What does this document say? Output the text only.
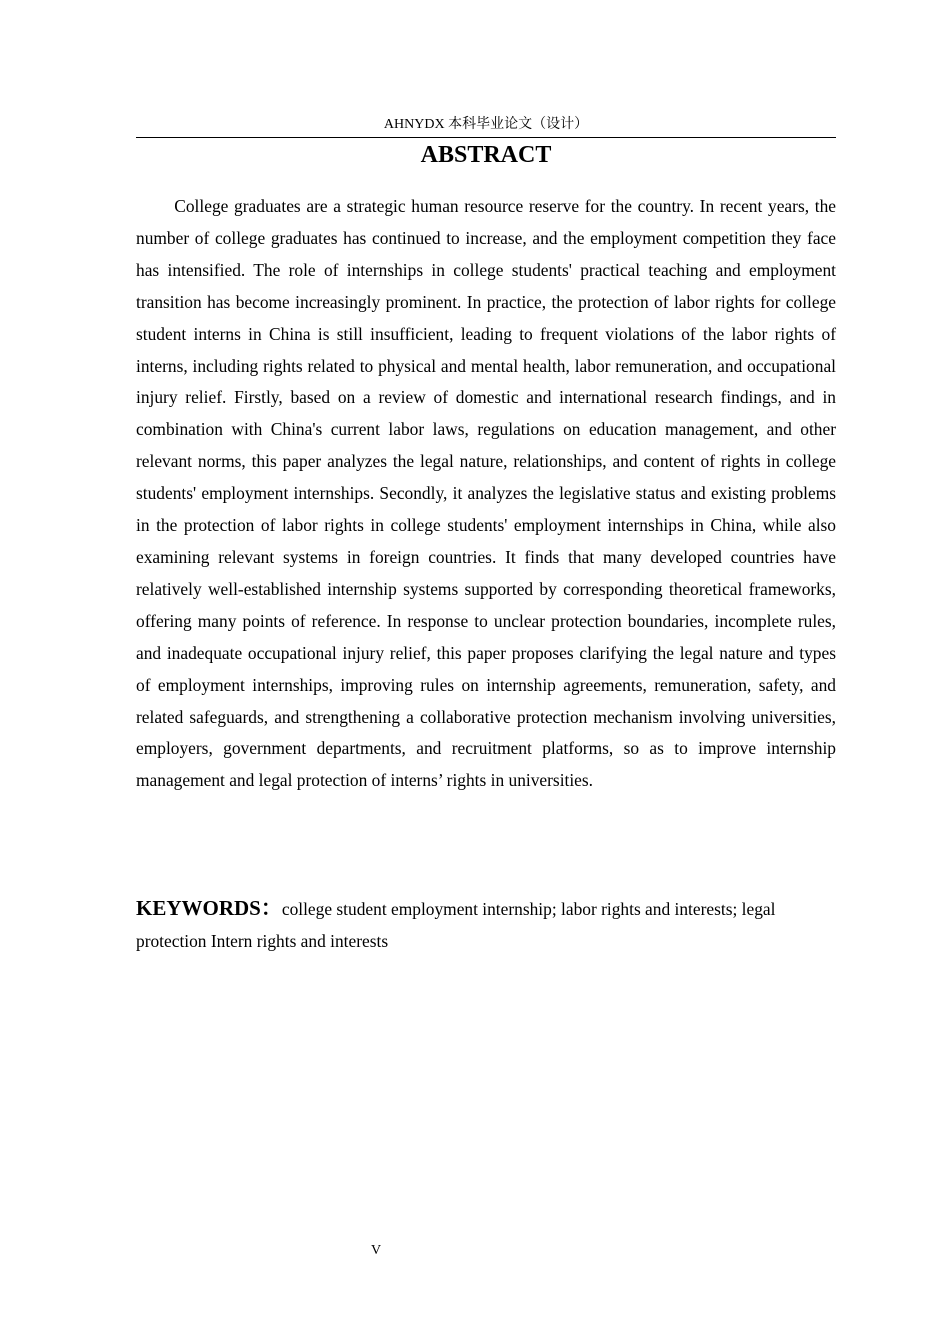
AHNYDX 本科毕业论文（设计）
ABSTRACT

College graduates are a strategic human resource reserve for the country. In recent years, the number of college graduates has continued to increase, and the employment competition they face has intensified. The role of internships in college students' practical teaching and employment transition has become increasingly prominent. In practice, the protection of labor rights for college student interns in China is still insufficient, leading to frequent violations of the labor rights of interns, including rights related to physical and mental health, labor remuneration, and occupational injury relief. Firstly, based on a review of domestic and international research findings, and in combination with China's current labor laws, regulations on education management, and other relevant norms, this paper analyzes the legal nature, relationships, and content of rights in college students' employment internships. Secondly, it analyzes the legislative status and existing problems in the protection of labor rights in college students' employment internships in China, while also examining relevant systems in foreign countries. It finds that many developed countries have relatively well-established internship systems supported by corresponding theoretical frameworks, offering many points of reference. In response to unclear protection boundaries, incomplete rules, and inadequate occupational injury relief, this paper proposes clarifying the legal nature and types of employment internships, improving rules on internship agreements, remuneration, safety, and related safeguards, and strengthening a collaborative protection mechanism involving universities, employers, government departments, and recruitment platforms, so as to improve internship management and legal protection of interns’ rights in universities.

KEYWORDS：college student employment internship; labor rights and interests; legal protection Intern rights and interests

V
